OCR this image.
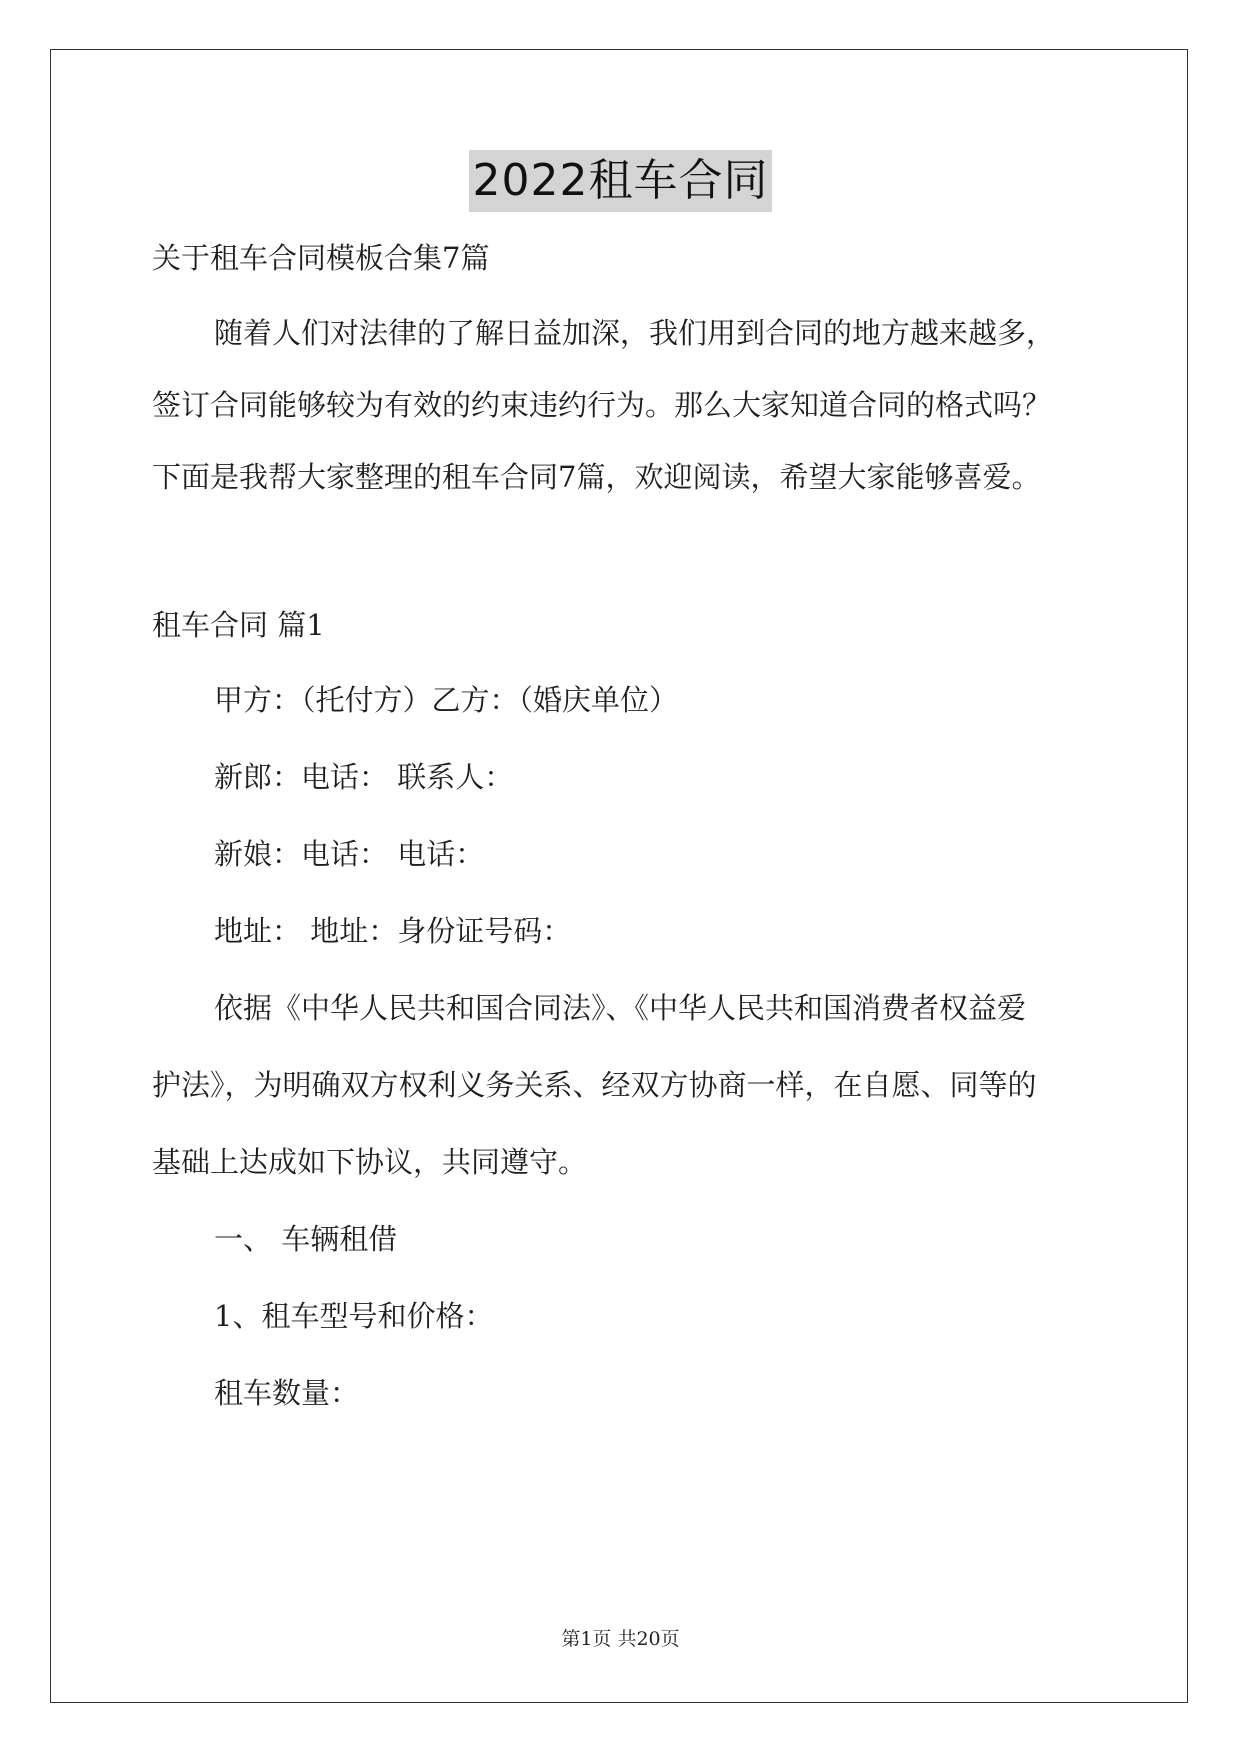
2022租车合同
关于租车合同模板合集7篇
随着人们对法律的了解日益加深，我们用到合同的地方越来越多，
签订合同能够较为有效的约束违约行为。那么大家知道合同的格式吗？
下面是我帮大家整理的租车合同7篇，欢迎阅读，希望大家能够喜爱。
租车合同 篇1
甲方：（托付方）乙方：（婚庆单位）
新郎：电话： 联系人：
新娘：电话： 电话：
地址： 地址：身份证号码：
依据《中华人民共和国合同法》、《中华人民共和国消费者权益爱
护法》，为明确双方权利义务关系、经双方协商一样，在自愿、同等的
基础上达成如下协议，共同遵守。
一、 车辆租借
1、租车型号和价格：
租车数量：
第1页 共20页
